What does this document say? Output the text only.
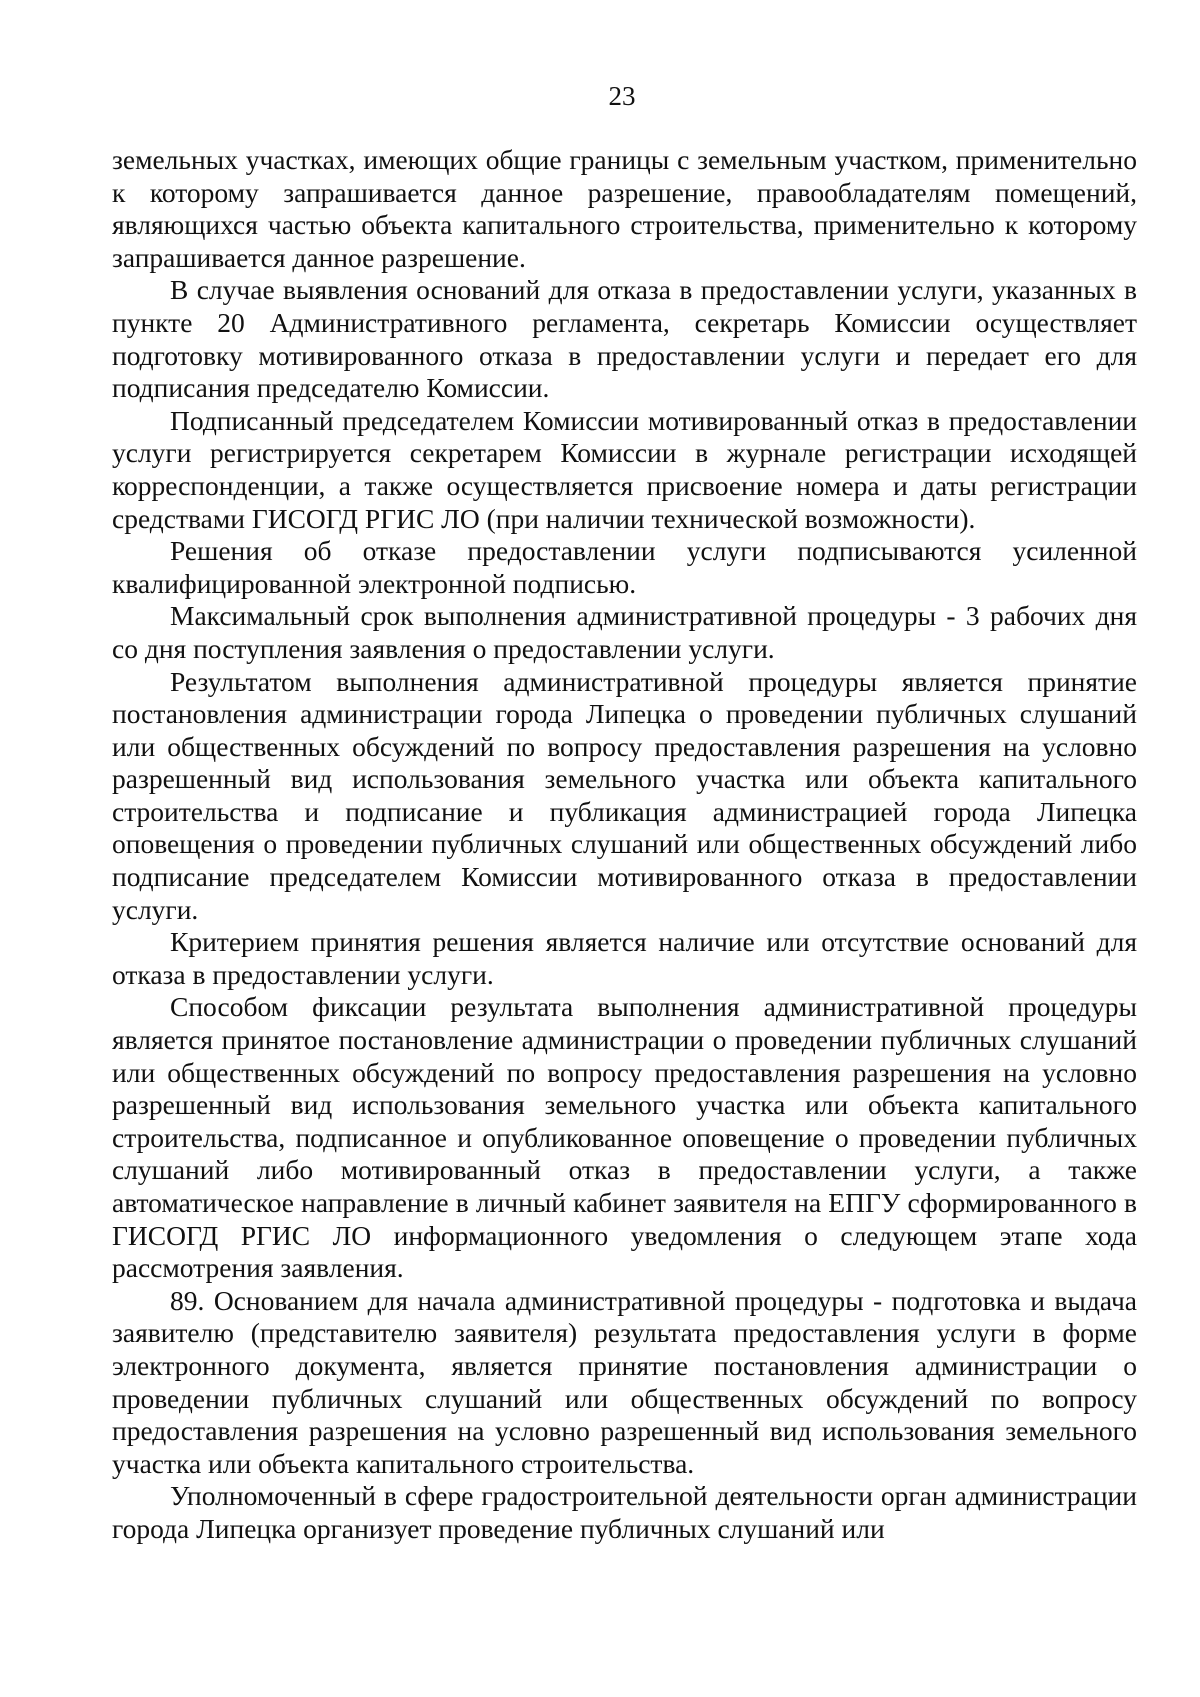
23

земельных участках, имеющих общие границы с земельным участком, применительно к которому запрашивается данное разрешение, правообладателям помещений, являющихся частью объекта капитального строительства, применительно к которому запрашивается данное разрешение.

В случае выявления оснований для отказа в предоставлении услуги, указанных в пункте 20 Административного регламента, секретарь Комиссии осуществляет подготовку мотивированного отказа в предоставлении услуги и передает его для подписания председателю Комиссии.

Подписанный председателем Комиссии мотивированный отказ в предоставлении услуги регистрируется секретарем Комиссии в журнале регистрации исходящей корреспонденции, а также осуществляется присвоение номера и даты регистрации средствами ГИСОГД РГИС ЛО (при наличии технической возможности).

Решения об отказе предоставлении услуги подписываются усиленной квалифицированной электронной подписью.

Максимальный срок выполнения административной процедуры - 3 рабочих дня со дня поступления заявления о предоставлении услуги.

Результатом выполнения административной процедуры является принятие постановления администрации города Липецка о проведении публичных слушаний или общественных обсуждений по вопросу предоставления разрешения на условно разрешенный вид использования земельного участка или объекта капитального строительства и подписание и публикация администрацией города Липецка оповещения о проведении публичных слушаний или общественных обсуждений либо подписание председателем Комиссии мотивированного отказа в предоставлении услуги.

Критерием принятия решения является наличие или отсутствие оснований для отказа в предоставлении услуги.

Способом фиксации результата выполнения административной процедуры является принятое постановление администрации о проведении публичных слушаний или общественных обсуждений по вопросу предоставления разрешения на условно разрешенный вид использования земельного участка или объекта капитального строительства, подписанное и опубликованное оповещение о проведении публичных слушаний либо мотивированный отказ в предоставлении услуги, а также автоматическое направление в личный кабинет заявителя на ЕПГУ сформированного в ГИСОГД РГИС ЛО информационного уведомления о следующем этапе хода рассмотрения заявления.

89. Основанием для начала административной процедуры - подготовка и выдача заявителю (представителю заявителя) результата предоставления услуги в форме электронного документа, является принятие постановления администрации о проведении публичных слушаний или общественных обсуждений по вопросу предоставления разрешения на условно разрешенный вид использования земельного участка или объекта капитального строительства.

Уполномоченный в сфере градостроительной деятельности орган администрации города Липецка организует проведение публичных слушаний или
